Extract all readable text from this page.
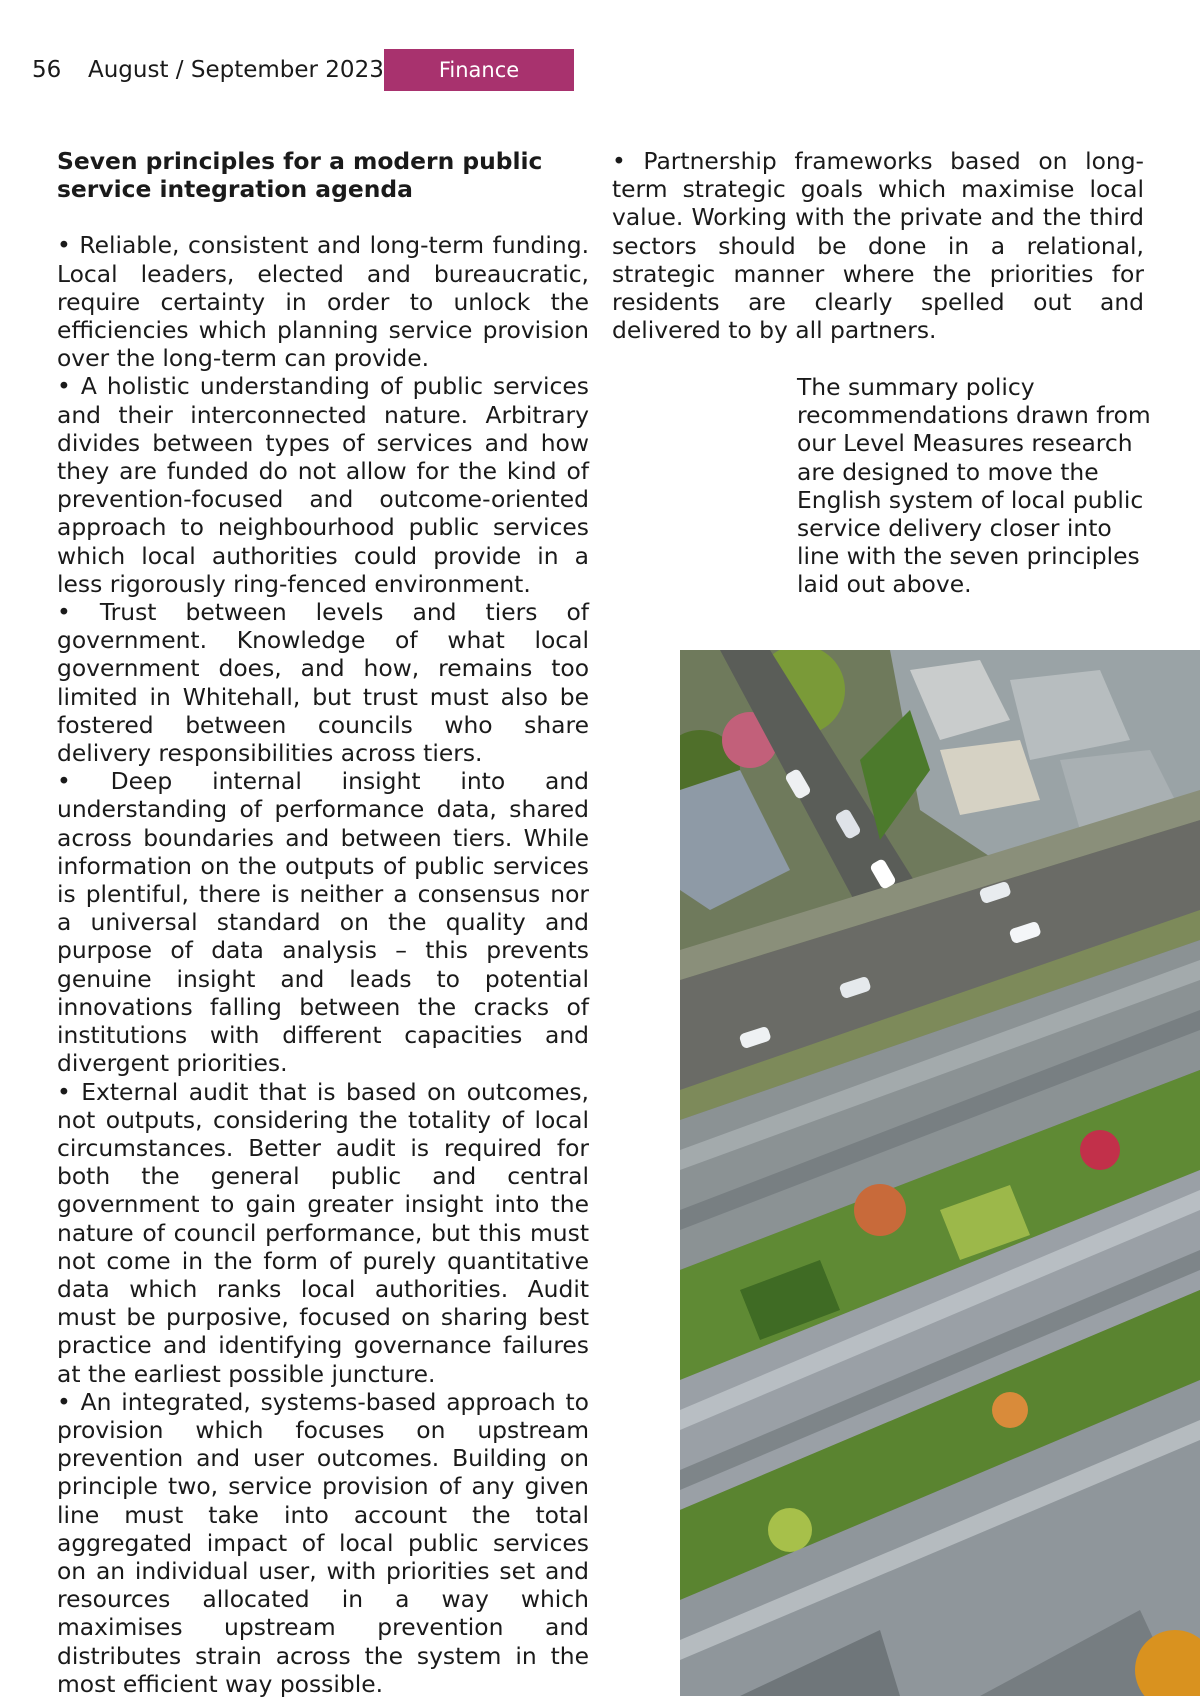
56 August / September 2023	Finance
Seven principles for a modern public service integration agenda

• Reliable, consistent and long-term funding. Local leaders, elected and bureaucratic, require certainty in order to unlock the efficiencies which planning service provision over the long-term can provide.

• A holistic understanding of public services and their interconnected nature. Arbitrary divides between types of services and how they are funded do not allow for the kind of prevention-focused and outcome-oriented approach to neighbourhood public services which local authorities could provide in a less rigorously ring-fenced environment.

• Trust between levels and tiers of government. Knowledge of what local government does, and how, remains too limited in Whitehall, but trust must also be fostered between councils who share delivery responsibilities across tiers.

• Deep internal insight into and understanding of performance data, shared across boundaries and between tiers. While information on the outputs of public services is plentiful, there is neither a consensus nor a universal standard on the quality and purpose of data analysis – this prevents genuine insight and leads to potential innovations falling between the cracks of institutions with different capacities and divergent priorities.

• External audit that is based on outcomes, not outputs, considering the totality of local circumstances. Better audit is required for both the general public and central government to gain greater insight into the nature of council performance, but this must not come in the form of purely quantitative data which ranks local authorities. Audit must be purposive, focused on sharing best practice and identifying governance failures at the earliest possible juncture.

• An integrated, systems-based approach to provision which focuses on upstream prevention and user outcomes. Building on principle two, service provision of any given line must take into account the total aggregated impact of local public services on an individual user, with priorities set and resources allocated in a way which maximises upstream prevention and distributes strain across the system in the most efficient way possible.

• Partnership frameworks based on long-term strategic goals which maximise local value. Working with the private and the third sectors should be done in a relational, strategic manner where the priorities for residents are clearly spelled out and delivered to by all partners.

The summary policy recommendations drawn from our Level Measures research are designed to move the English system of local public service delivery closer into line with the seven principles laid out above.
